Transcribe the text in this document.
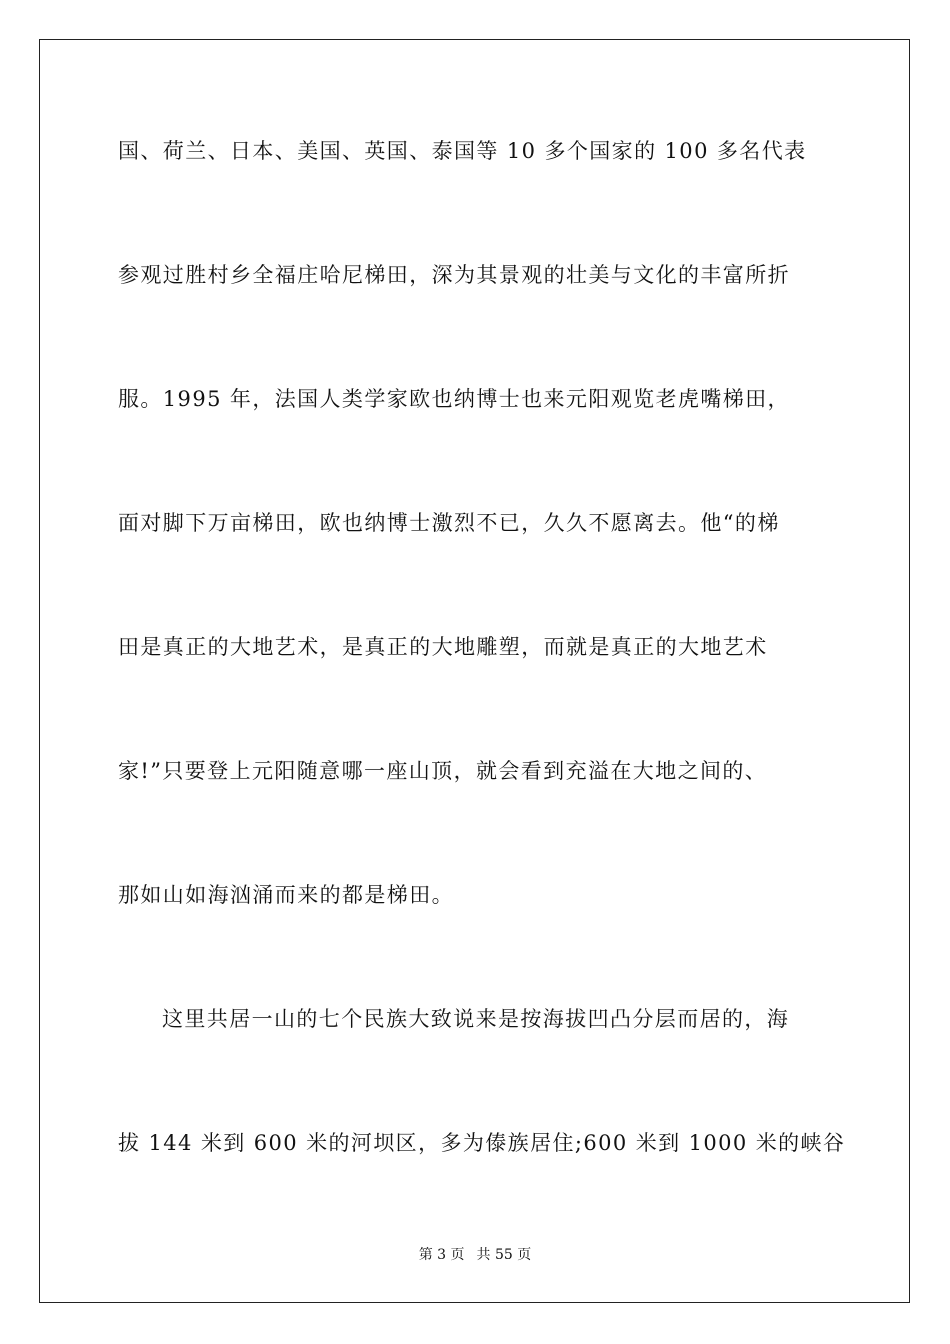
国、荷兰、日本、美国、英国、泰国等 10 多个国家的 100 多名代表
参观过胜村乡全福庄哈尼梯田，深为其景观的壮美与文化的丰富所折
服。1995 年，法国人类学家欧也纳博士也来元阳观览老虎嘴梯田，
面对脚下万亩梯田，欧也纳博士激烈不已，久久不愿离去。他“的梯
田是真正的大地艺术，是真正的大地雕塑，而就是真正的大地艺术
家!”只要登上元阳随意哪一座山顶，就会看到充溢在大地之间的、
那如山如海汹涌而来的都是梯田。
这里共居一山的七个民族大致说来是按海拔凹凸分层而居的，海
拔 144 米到 600 米的河坝区，多为傣族居住;600 米到 1000 米的峡谷
第 3 页 共 55 页
